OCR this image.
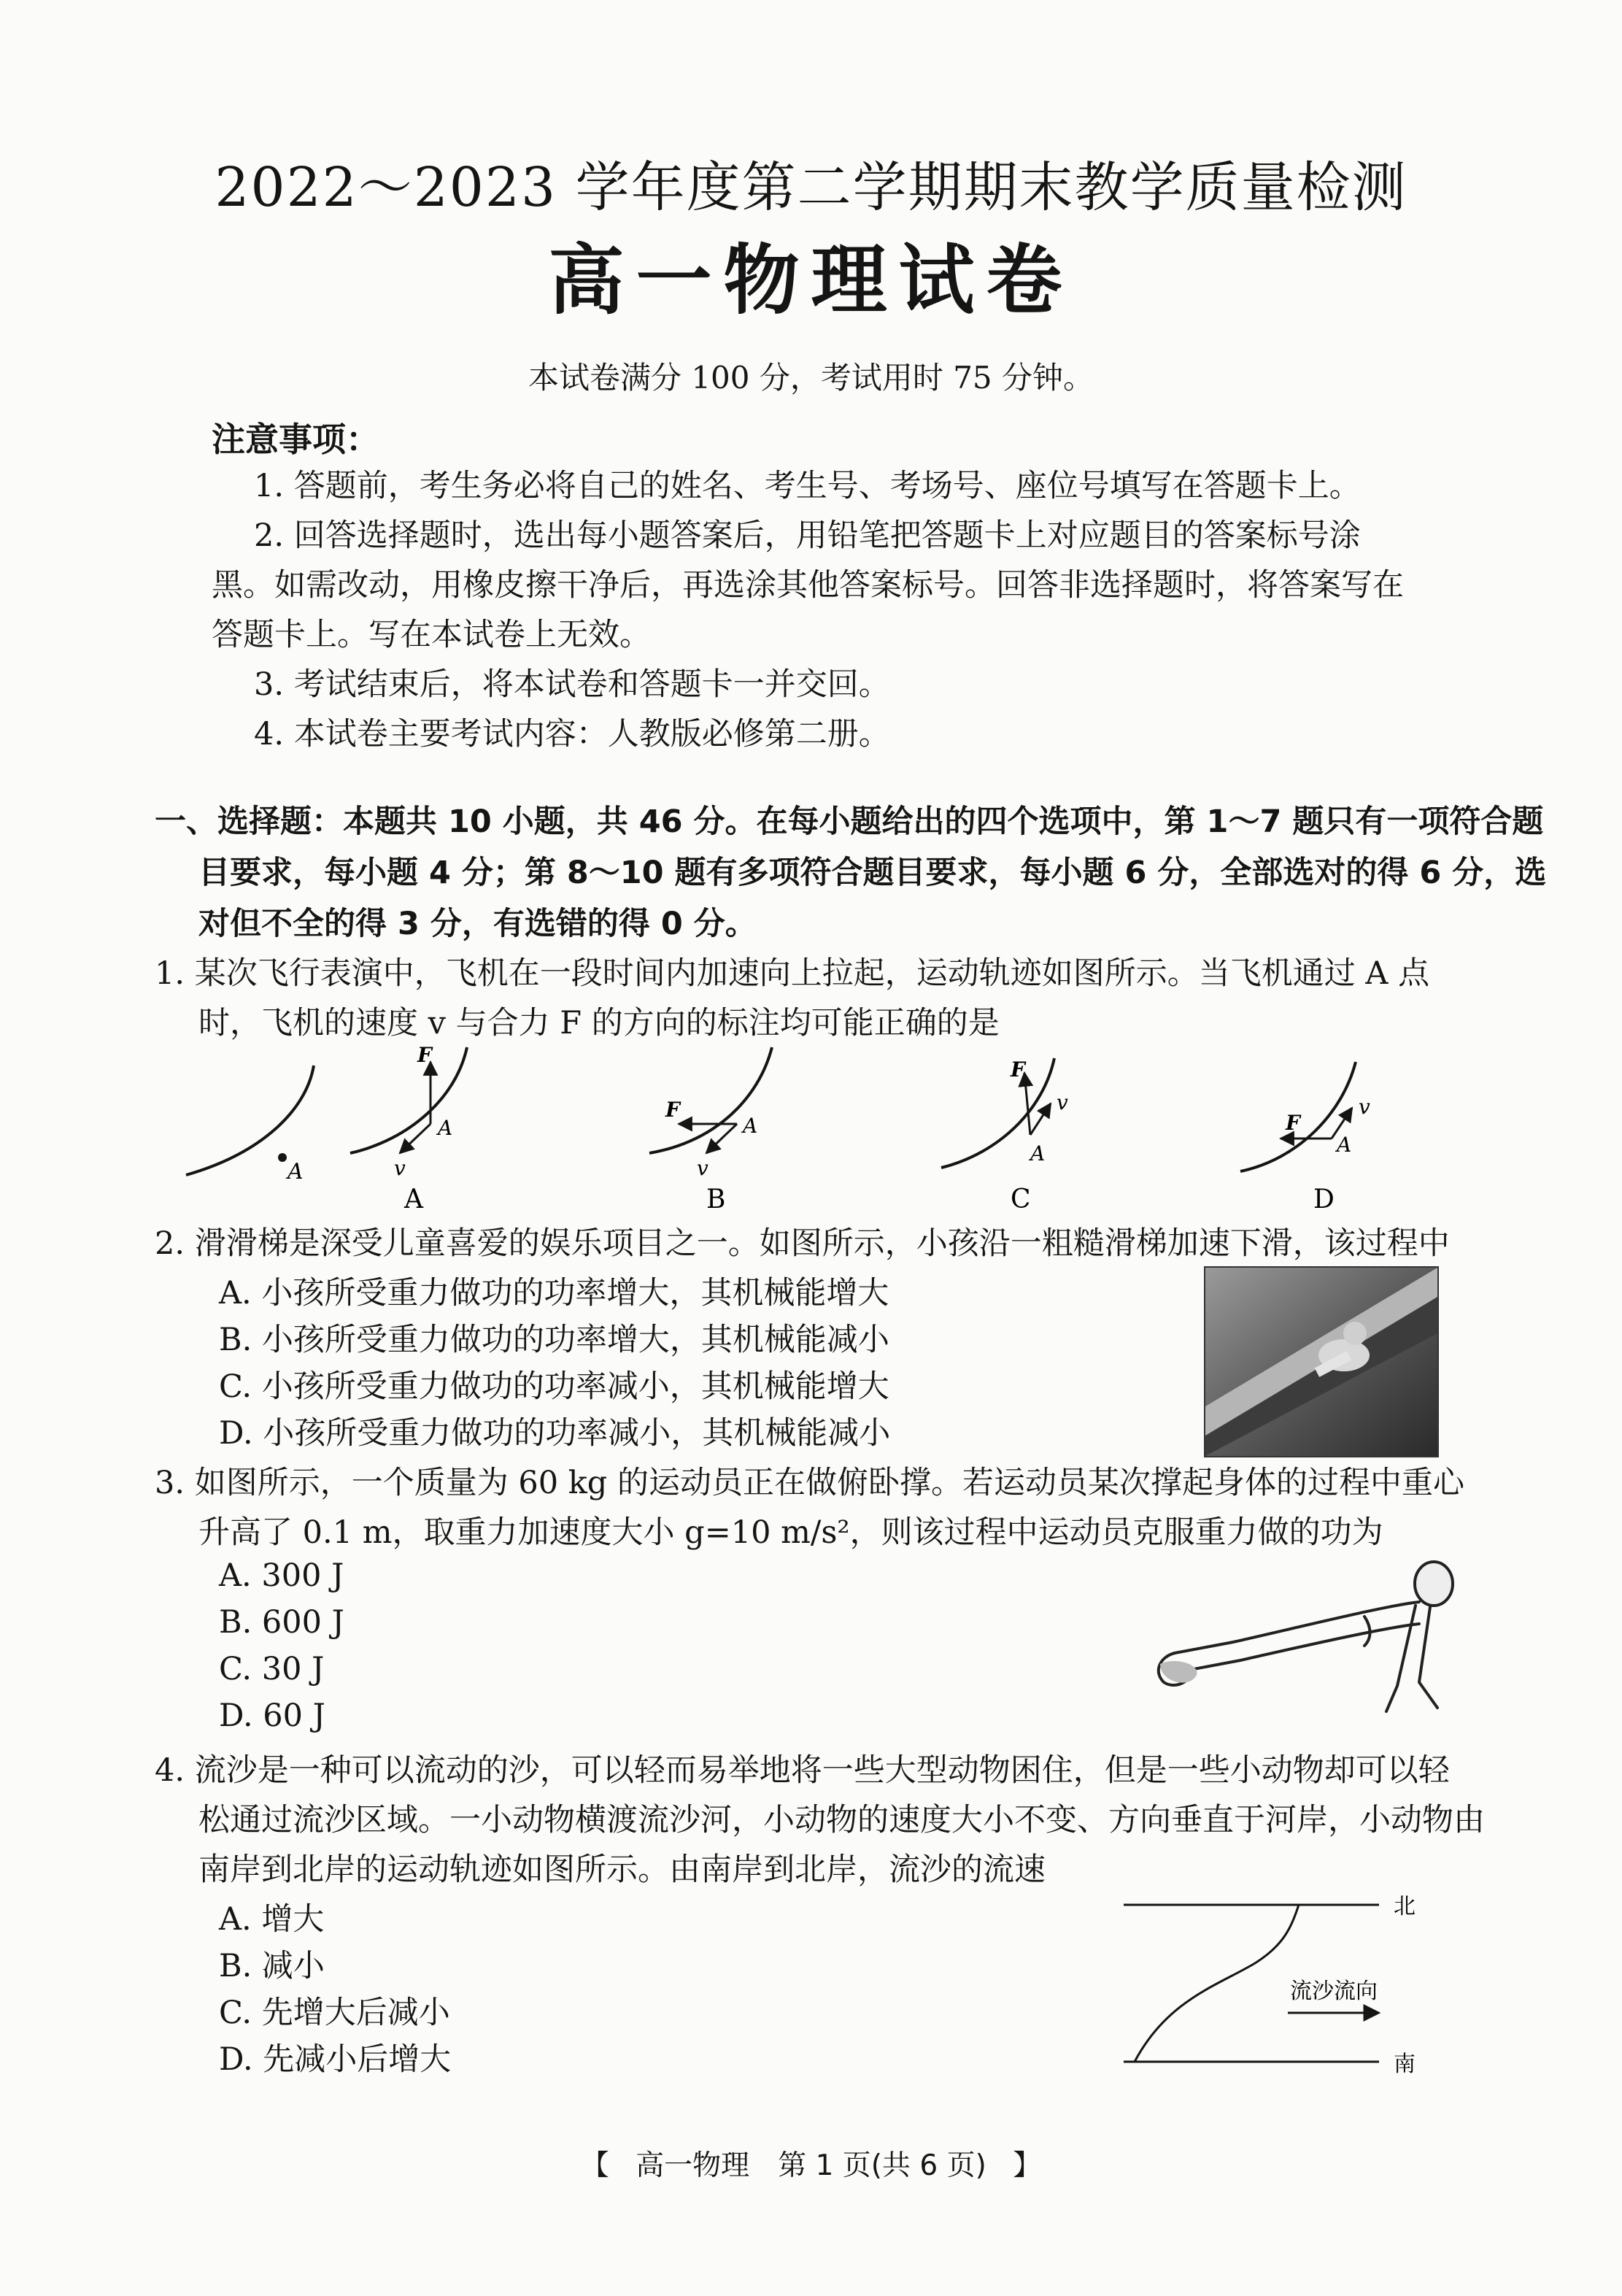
2022～2023 学年度第二学期期末教学质量检测
高一物理试卷
本试卷满分 100 分，考试用时 75 分钟。
注意事项：
1. 答题前，考生务必将自己的姓名、考生号、考场号、座位号填写在答题卡上。
2. 回答选择题时，选出每小题答案后，用铅笔把答题卡上对应题目的答案标号涂
黑。如需改动，用橡皮擦干净后，再选涂其他答案标号。回答非选择题时，将答案写在
答题卡上。写在本试卷上无效。
3. 考试结束后，将本试卷和答题卡一并交回。
4. 本试卷主要考试内容：人教版必修第二册。
一、选择题：本题共 10 小题，共 46 分。在每小题给出的四个选项中，第 1～7 题只有一项符合题
目要求，每小题 4 分；第 8～10 题有多项符合题目要求，每小题 6 分，全部选对的得 6 分，选
对但不全的得 3 分，有选错的得 0 分。
1. 某次飞行表演中，飞机在一段时间内加速向上拉起，运动轨迹如图所示。当飞机通过 A 点
时，飞机的速度 v 与合力 F 的方向的标注均可能正确的是
A
F
v
A
A
F
v
A
B
F
v
A
C
F
v
A
D
2. 滑滑梯是深受儿童喜爱的娱乐项目之一。如图所示，小孩沿一粗糙滑梯加速下滑，该过程中
A. 小孩所受重力做功的功率增大，其机械能增大
B. 小孩所受重力做功的功率增大，其机械能减小
C. 小孩所受重力做功的功率减小，其机械能增大
D. 小孩所受重力做功的功率减小，其机械能减小
3. 如图所示，一个质量为 60 kg 的运动员正在做俯卧撑。若运动员某次撑起身体的过程中重心
升高了 0.1 m，取重力加速度大小 g=10 m/s²，则该过程中运动员克服重力做的功为
A. 300 J
B. 600 J
C. 30 J
D. 60 J
4. 流沙是一种可以流动的沙，可以轻而易举地将一些大型动物困住，但是一些小动物却可以轻
松通过流沙区域。一小动物横渡流沙河，小动物的速度大小不变、方向垂直于河岸，小动物由
南岸到北岸的运动轨迹如图所示。由南岸到北岸，流沙的流速
A. 增大
B. 减小
C. 先增大后减小
D. 先减小后增大
流沙流向
北
南
【 高一物理　第 1 页(共 6 页) 】
